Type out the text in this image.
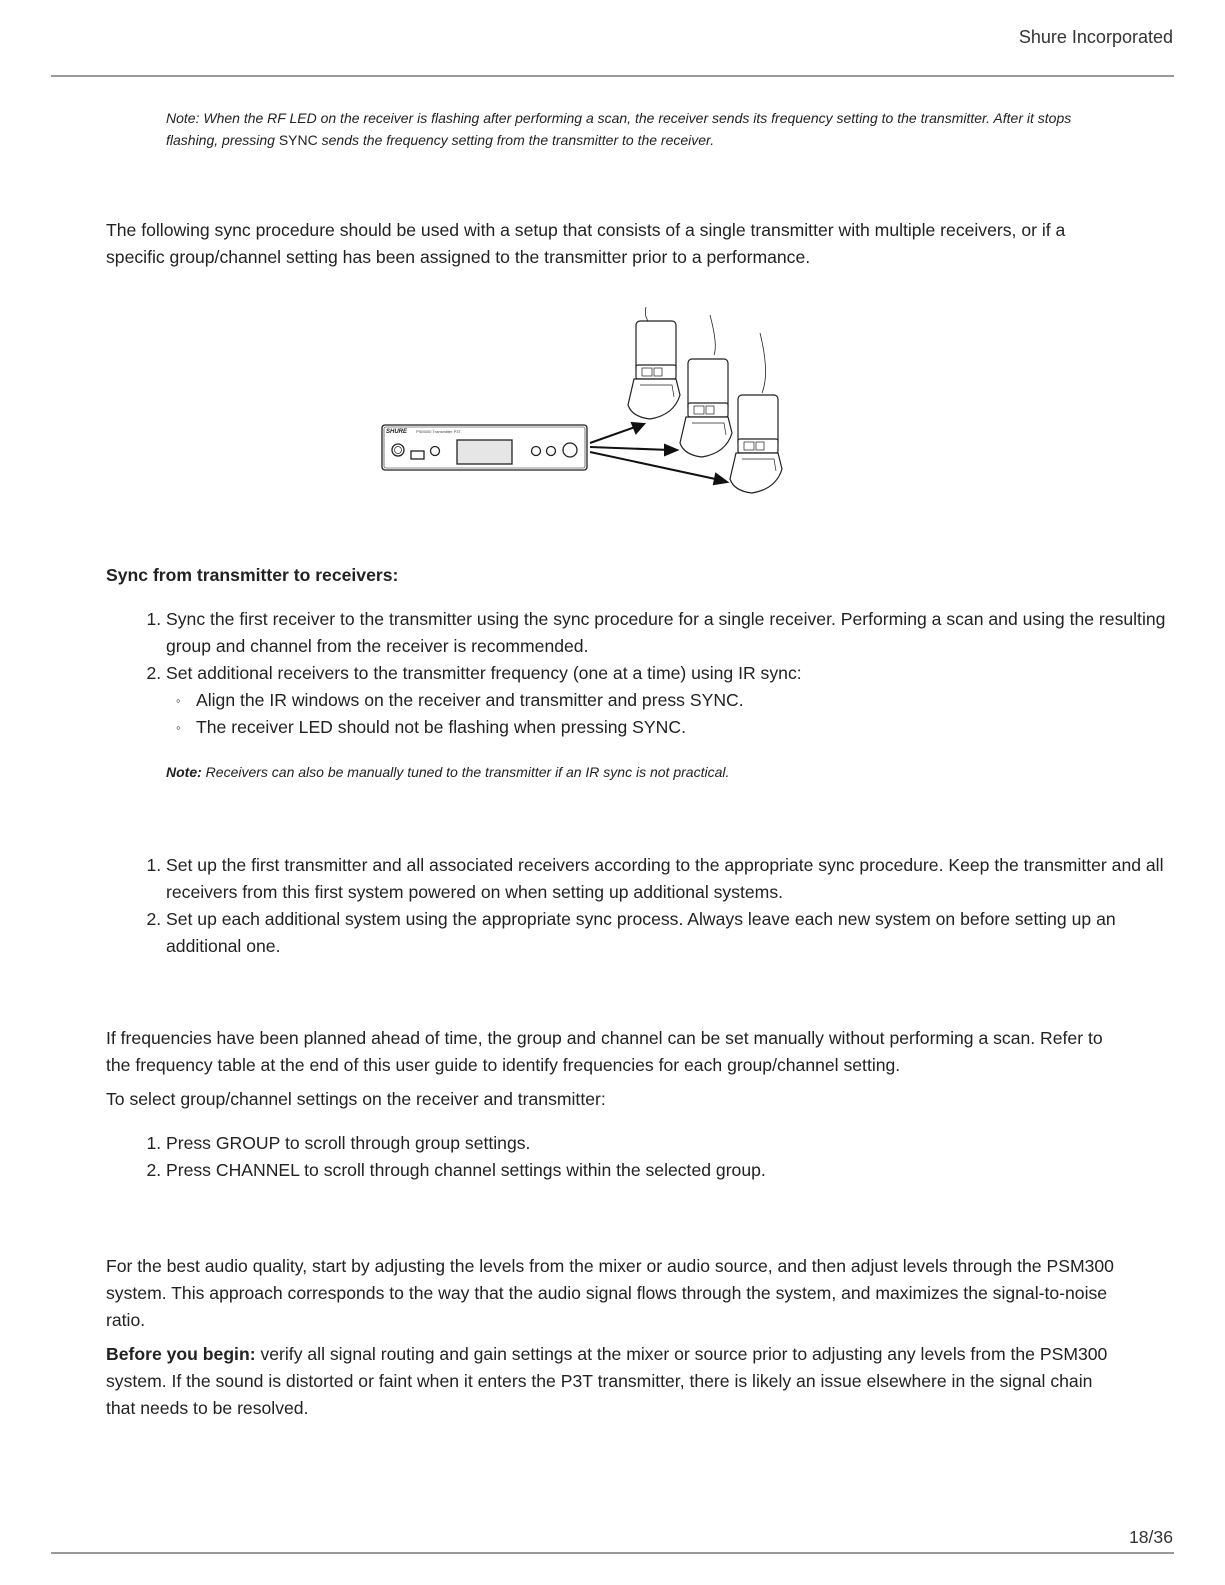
Shure Incorporated
Note: When the RF LED on the receiver is flashing after performing a scan, the receiver sends its frequency setting to the transmitter. After it stops flashing, pressing SYNC sends the frequency setting from the transmitter to the receiver.
The following sync procedure should be used with a setup that consists of a single transmitter with multiple receivers, or if a specific group/channel setting has been assigned to the transmitter prior to a performance.
SHURE PSM300 Transmitter P3T
Sync from transmitter to receivers:
1. Sync the first receiver to the transmitter using the sync procedure for a single receiver. Performing a scan and using the resulting group and channel from the receiver is recommended.
2. Set additional receivers to the transmitter frequency (one at a time) using IR sync:
◦ Align the IR windows on the receiver and transmitter and press SYNC.
◦ The receiver LED should not be flashing when pressing SYNC.
Note: Receivers can also be manually tuned to the transmitter if an IR sync is not practical.
1. Set up the first transmitter and all associated receivers according to the appropriate sync procedure. Keep the transmitter and all receivers from this first system powered on when setting up additional systems.
2. Set up each additional system using the appropriate sync process. Always leave each new system on before setting up an additional one.
If frequencies have been planned ahead of time, the group and channel can be set manually without performing a scan. Refer to the frequency table at the end of this user guide to identify frequencies for each group/channel setting.
To select group/channel settings on the receiver and transmitter:
1. Press GROUP to scroll through group settings.
2. Press CHANNEL to scroll through channel settings within the selected group.
For the best audio quality, start by adjusting the levels from the mixer or audio source, and then adjust levels through the PSM300 system. This approach corresponds to the way that the audio signal flows through the system, and maximizes the signal-to-noise ratio.
Before you begin: verify all signal routing and gain settings at the mixer or source prior to adjusting any levels from the PSM300 system. If the sound is distorted or faint when it enters the P3T transmitter, there is likely an issue elsewhere in the signal chain that needs to be resolved.
18/36
